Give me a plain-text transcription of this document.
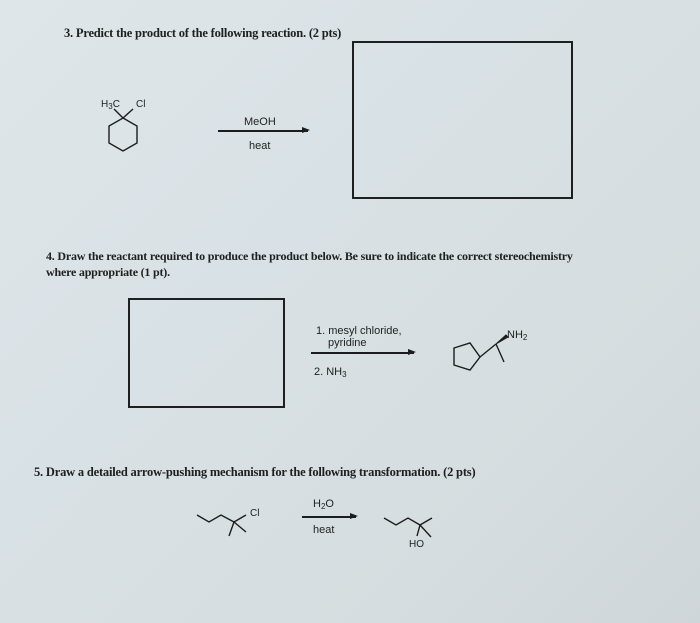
3. Predict the product of the following reaction. (2 pts)
$H_3C$ Cl
MeOH
heat
4. Draw the reactant required to produce the product below. Be sure to indicate the correct stereochemistry
where appropriate (1 pt).
1. mesyl chloride,
pyridine
2. $NH_3$
$NH_2$
5. Draw a detailed arrow-pushing mechanism for the following transformation. (2 pts)
Cl
$H_2O$
heat
HO
